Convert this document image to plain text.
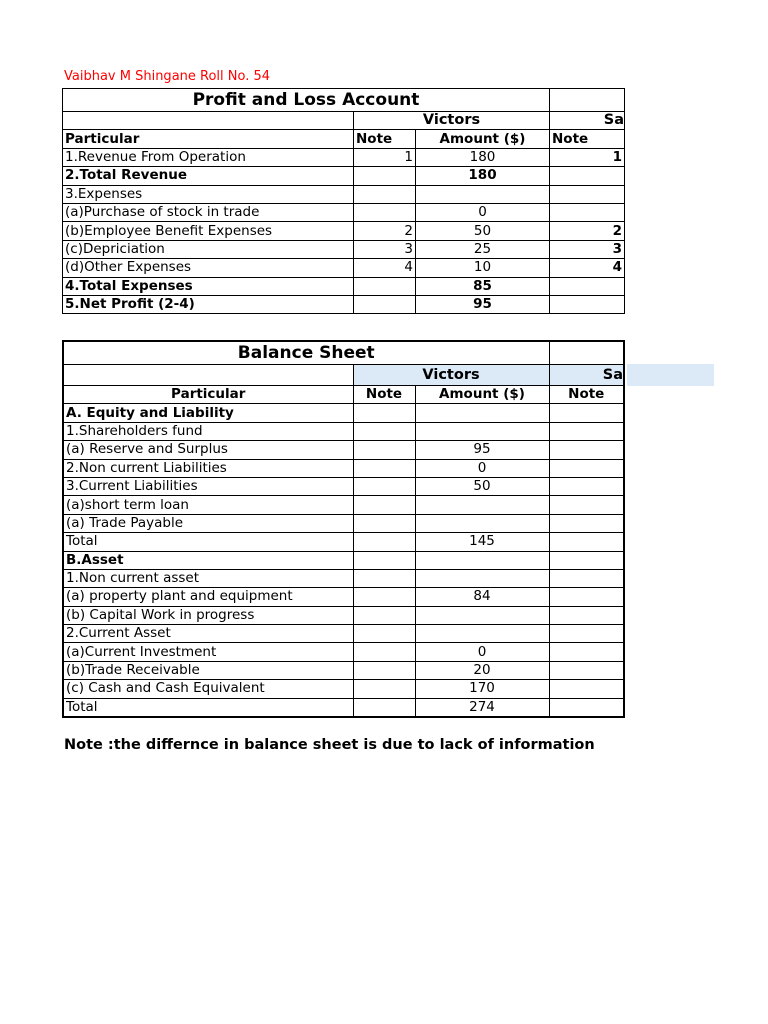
Vaibhav M Shingane Roll No. 54
Profit and Loss Account			
	Victors		Sa
Particular	Note	Amount ($)	Note
1.Revenue From Operation	1	180	1
2.Total Revenue		180	
3.Expenses			
(a)Purchase of stock in trade		0	
(b)Employee Benefit Expenses	2	50	2
(c)Depriciation	3	25	3
(d)Other Expenses	4	10	4
4.Total Expenses		85	
5.Net Profit (2-4)		95	
Balance Sheet			
	Victors		Sa
Particular	Note	Amount ($)	Note
A. Equity and Liability			
1.Shareholders fund			
(a) Reserve and Surplus		95	
2.Non current Liabilities		0	
3.Current Liabilities		50	
(a)short term loan			
(a) Trade Payable			
Total		145	
B.Asset			
1.Non current asset			
(a) property plant and equipment		84	
(b) Capital Work in progress			
2.Current Asset			
(a)Current Investment		0	
(b)Trade Receivable		20	
(c) Cash and Cash Equivalent		170	
Total		274	
Note :the differnce in balance sheet is due to lack of information
